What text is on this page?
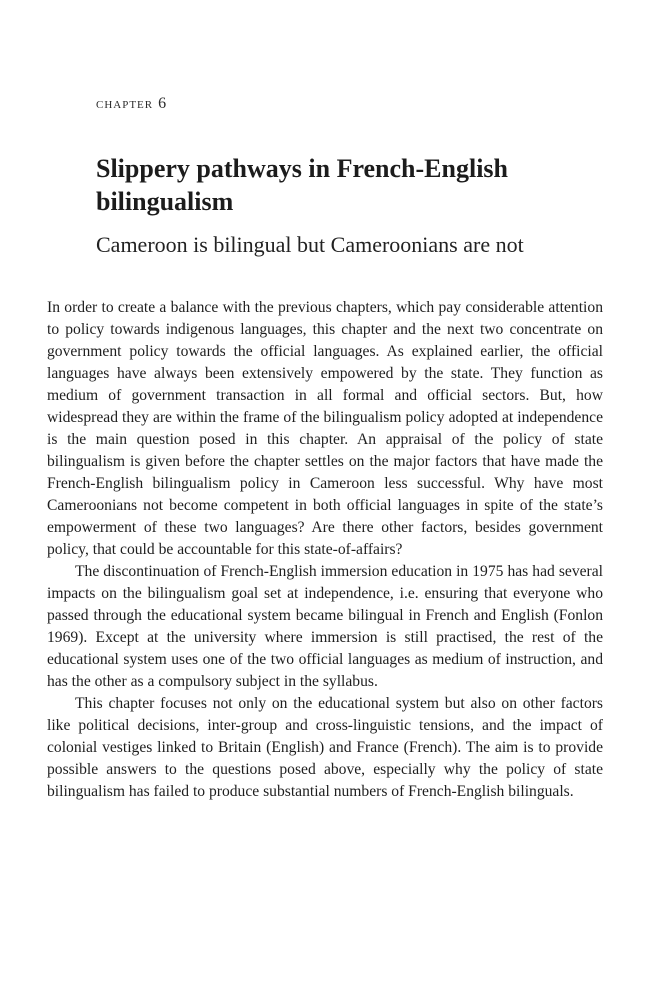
chapter 6
Slippery pathways in French-English bilingualism
Cameroon is bilingual but Cameroonians are not

In order to create a balance with the previous chapters, which pay considerable attention to policy towards indigenous languages, this chapter and the next two concentrate on government policy towards the official languages. As explained earlier, the official languages have always been extensively empowered by the state. They function as medium of government transaction in all formal and official sectors. But, how widespread they are within the frame of the bilingualism policy adopted at independence is the main question posed in this chapter. An appraisal of the policy of state bilingualism is given before the chapter settles on the major factors that have made the French-English bilingualism policy in Cameroon less successful. Why have most Cameroonians not become competent in both official languages in spite of the state’s empowerment of these two languages? Are there other factors, besides government policy, that could be accountable for this state-of-affairs?

The discontinuation of French-English immersion education in 1975 has had several impacts on the bilingualism goal set at independence, i.e. ensuring that everyone who passed through the educational system became bilingual in French and English (Fonlon 1969). Except at the university where immersion is still practised, the rest of the educational system uses one of the two official languages as medium of instruction, and has the other as a compulsory subject in the syllabus.

This chapter focuses not only on the educational system but also on other factors like political decisions, inter-group and cross-linguistic tensions, and the impact of colonial vestiges linked to Britain (English) and France (French). The aim is to provide possible answers to the questions posed above, especially why the policy of state bilingualism has failed to produce substantial numbers of French-English bilinguals.
